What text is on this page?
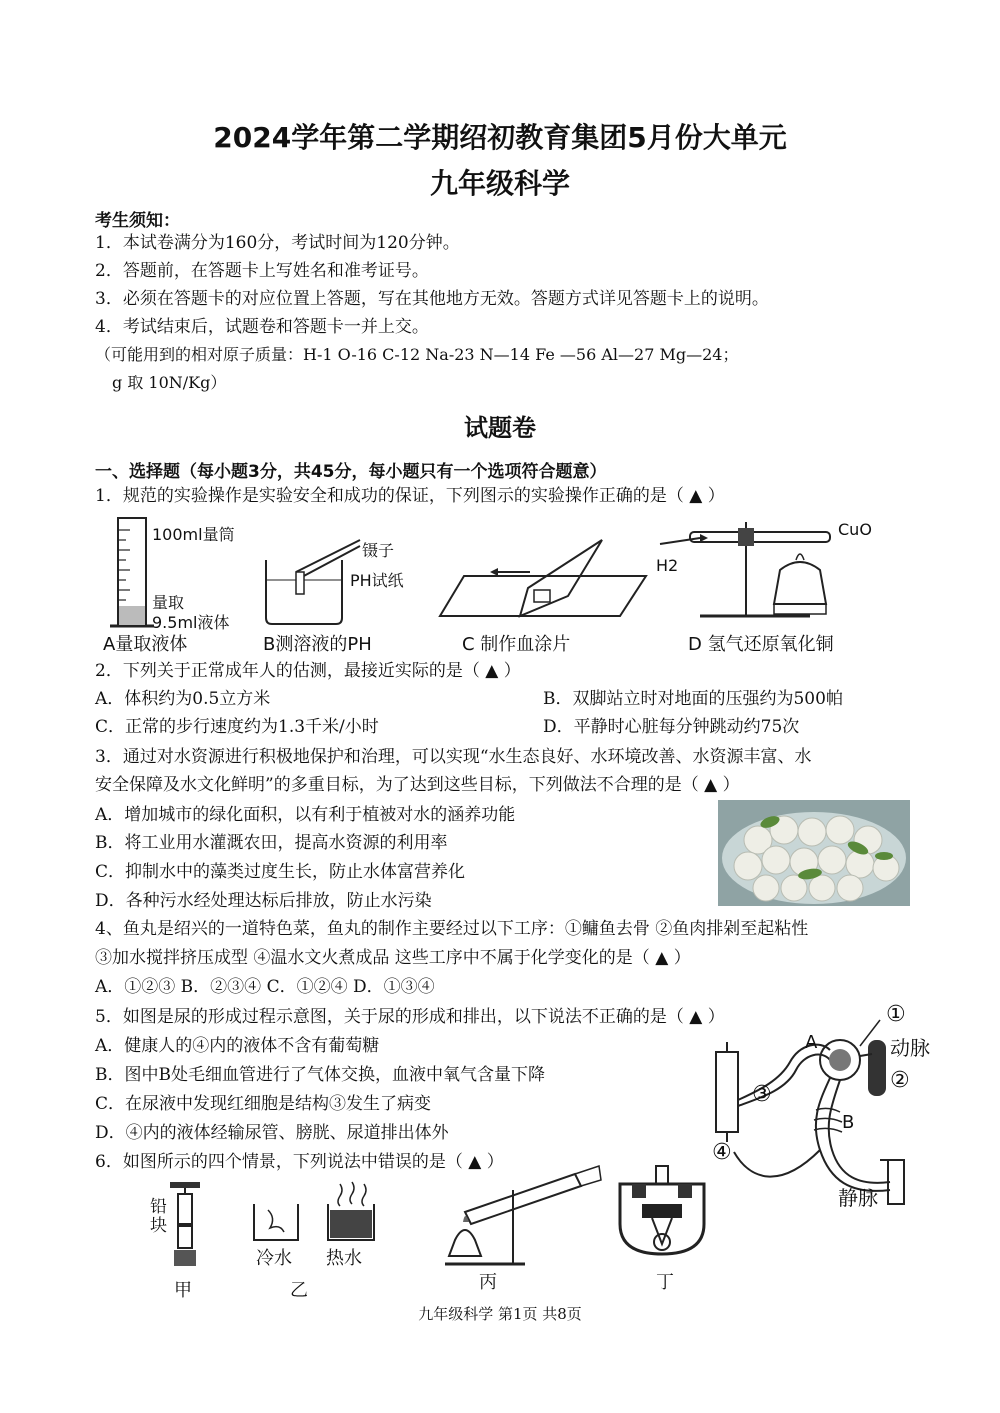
2024学年第二学期绍初教育集团5月份大单元
九年级科学
考生须知：
1．本试卷满分为160分，考试时间为120分钟。
2．答题前，在答题卡上写姓名和准考证号。
3．必须在答题卡的对应位置上答题，写在其他地方无效。答题方式详见答题卡上的说明。
4．考试结束后，试题卷和答题卡一并上交。
（可能用到的相对原子质量：H-1 O-16 C-12 Na-23 N—14 Fe —56 Al—27 Mg—24；
g 取 10N/Kg）
试题卷
一、选择题（每小题3分，共45分，每小题只有一个选项符合题意）
1．规范的实验操作是实验安全和成功的保证，下列图示的实验操作正确的是（ ▲ ）
100ml量筒
量取
9.5ml液体
A量取液体
镊子
PH试纸
B测溶液的PH	C 制作血涂片
CuO
H2
D 氢气还原氧化铜
2．下列关于正常成年人的估测，最接近实际的是（ ▲ ）
A．体积约为0.5立方米	B．双脚站立时对地面的压强约为500帕
C．正常的步行速度约为1.3千米/小时	D．平静时心脏每分钟跳动约75次
3．通过对水资源进行积极地保护和治理，可以实现“水生态良好、水环境改善、水资源丰富、水
安全保障及水文化鲜明”的多重目标，为了达到这些目标，下列做法不合理的是（ ▲ ）
A．增加城市的绿化面积，以有利于植被对水的涵养功能
B．将工业用水灌溉农田，提高水资源的利用率
C．抑制水中的藻类过度生长，防止水体富营养化
D．各种污水经处理达标后排放，防止水污染
4、鱼丸是绍兴的一道特色菜，鱼丸的制作主要经过以下工序：①鳙鱼去骨 ②鱼肉排剁至起粘性
③加水搅拌挤压成型 ④温水文火煮成品 这些工序中不属于化学变化的是（ ▲ ）
A．①②③ B．②③④ C．①②④ D．①③④
5．如图是尿的形成过程示意图，关于尿的形成和排出，以下说法不正确的是（ ▲ ）
A．健康人的④内的液体不含有葡萄糖
B．图中B处毛细血管进行了气体交换，血液中氧气含量下降
C．在尿液中发现红细胞是结构③发生了病变
D．④内的液体经输尿管、膀胱、尿道排出体外
①
A	动脉
②
③
B
④
静脉
6．如图所示的四个情景，下列说法中错误的是（ ▲ ）
铅块
甲
冷水 热水
乙	丙	丁
九年级科学 第1页 共8页
